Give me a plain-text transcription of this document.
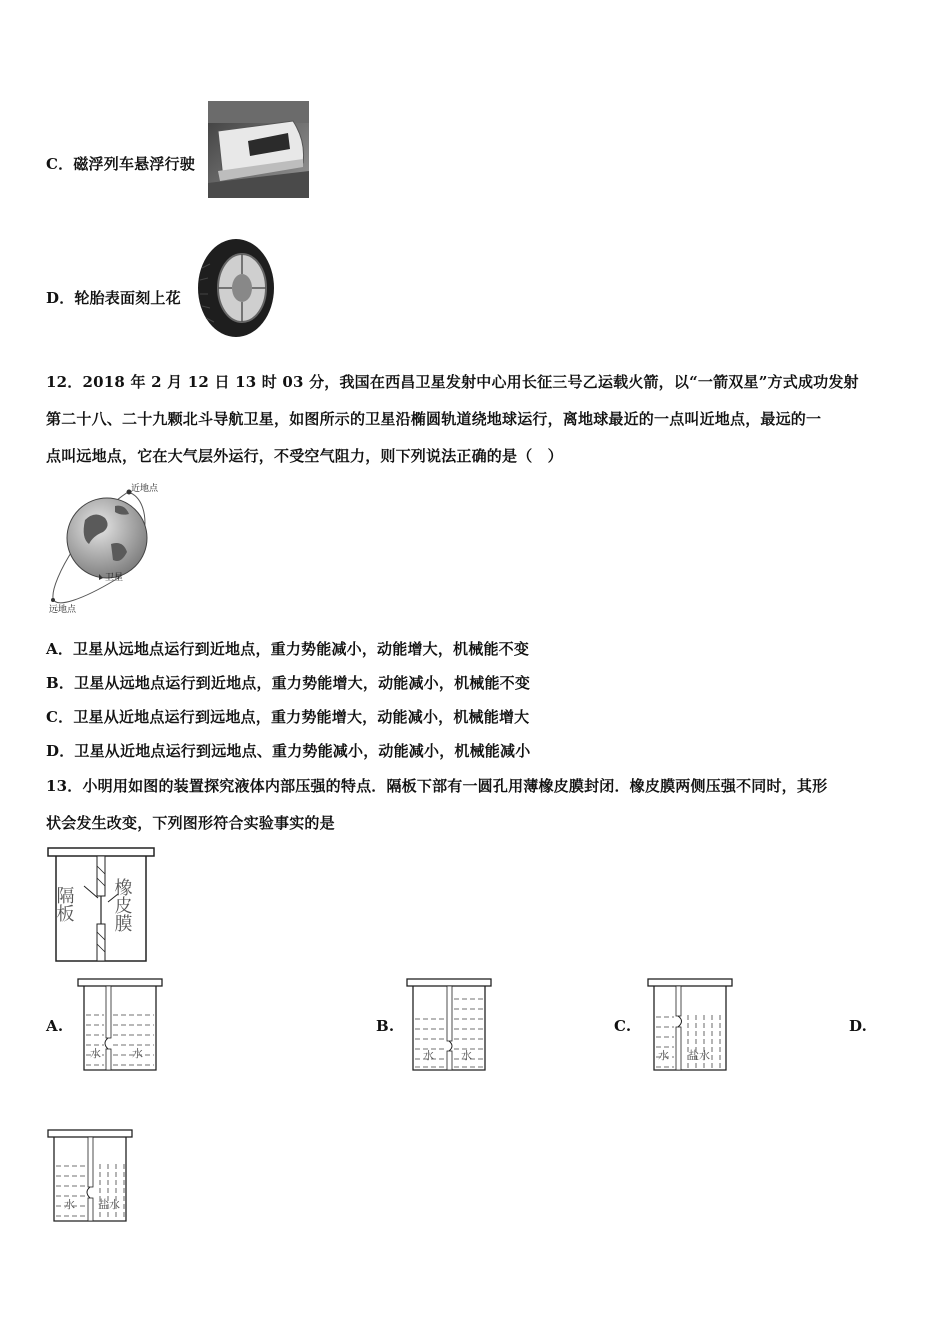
C．磁浮列车悬浮行驶
D．轮胎表面刻上花
12．2018 年 2 月 12 日 13 时 03 分，我国在西昌卫星发射中心用长征三号乙运载火箭，以“一箭双星”方式成功发射
第二十八、二十九颗北斗导航卫星，如图所示的卫星沿椭圆轨道绕地球运行，离地球最近的一点叫近地点，最远的一
点叫远地点，它在大气层外运行，不受空气阻力，则下列说法正确的是（　）
近地点
卫星
远地点
A．卫星从远地点运行到近地点，重力势能减小，动能增大，机械能不变
B．卫星从远地点运行到近地点，重力势能增大，动能减小，机械能不变
C．卫星从近地点运行到远地点，重力势能增大，动能减小，机械能增大
D．卫星从近地点运行到远地点、重力势能减小，动能减小，机械能减小
13．小明用如图的装置探究液体内部压强的特点．隔板下部有一圆孔用薄橡皮膜封闭．橡皮膜两侧压强不同时，其形
状会发生改变，下列图形符合实验事实的是
隔板 橡皮膜
A.	B.	C.	D.
水	水	水 水	水 盐水
水 盐水
